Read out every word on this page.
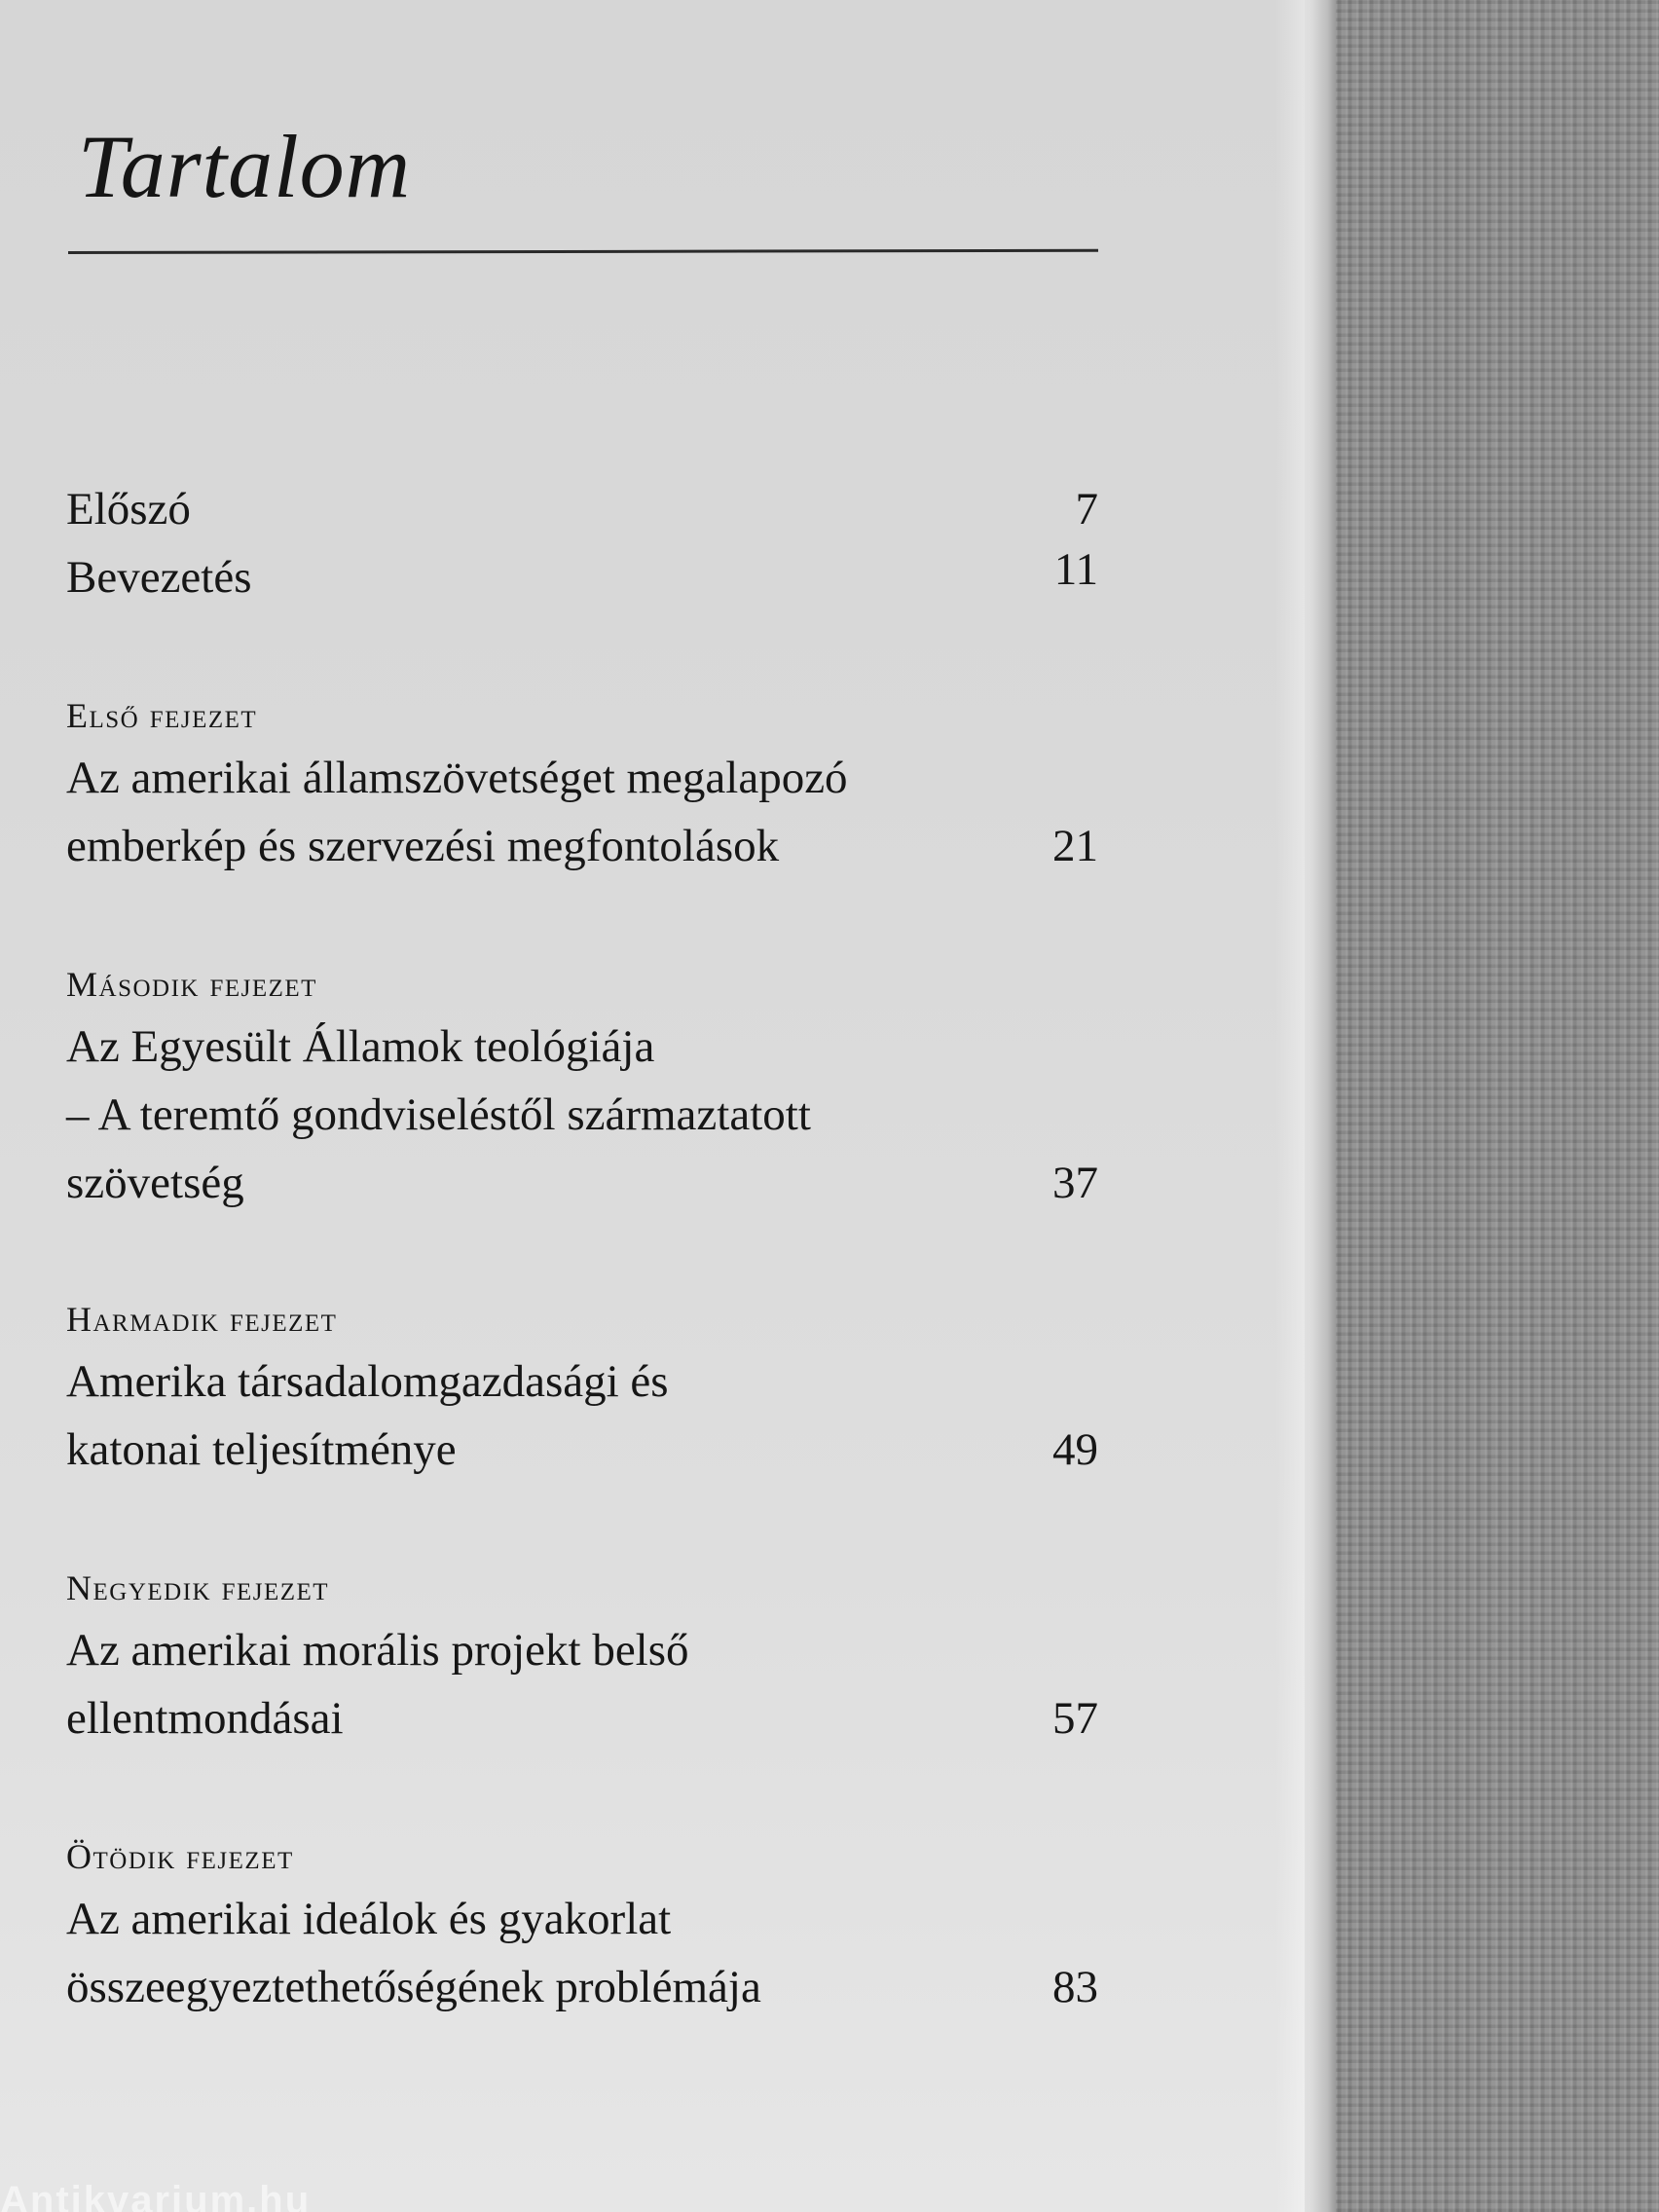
Tartalom
Előszó	7
Bevezetés	11
Első fejezet
Az amerikai államszövetséget megalapozó
emberkép és szervezési megfontolások	21
Második fejezet
Az Egyesült Államok teológiája
– A teremtő gondviseléstől származtatott
szövetség	37
Harmadik fejezet
Amerika társadalomgazdasági és
katonai teljesítménye	49
Negyedik fejezet
Az amerikai morális projekt belső
ellentmondásai	57
Ötödik fejezet
Az amerikai ideálok és gyakorlat
összeegyeztethetőségének problémája	83
Antikvarium.hu
